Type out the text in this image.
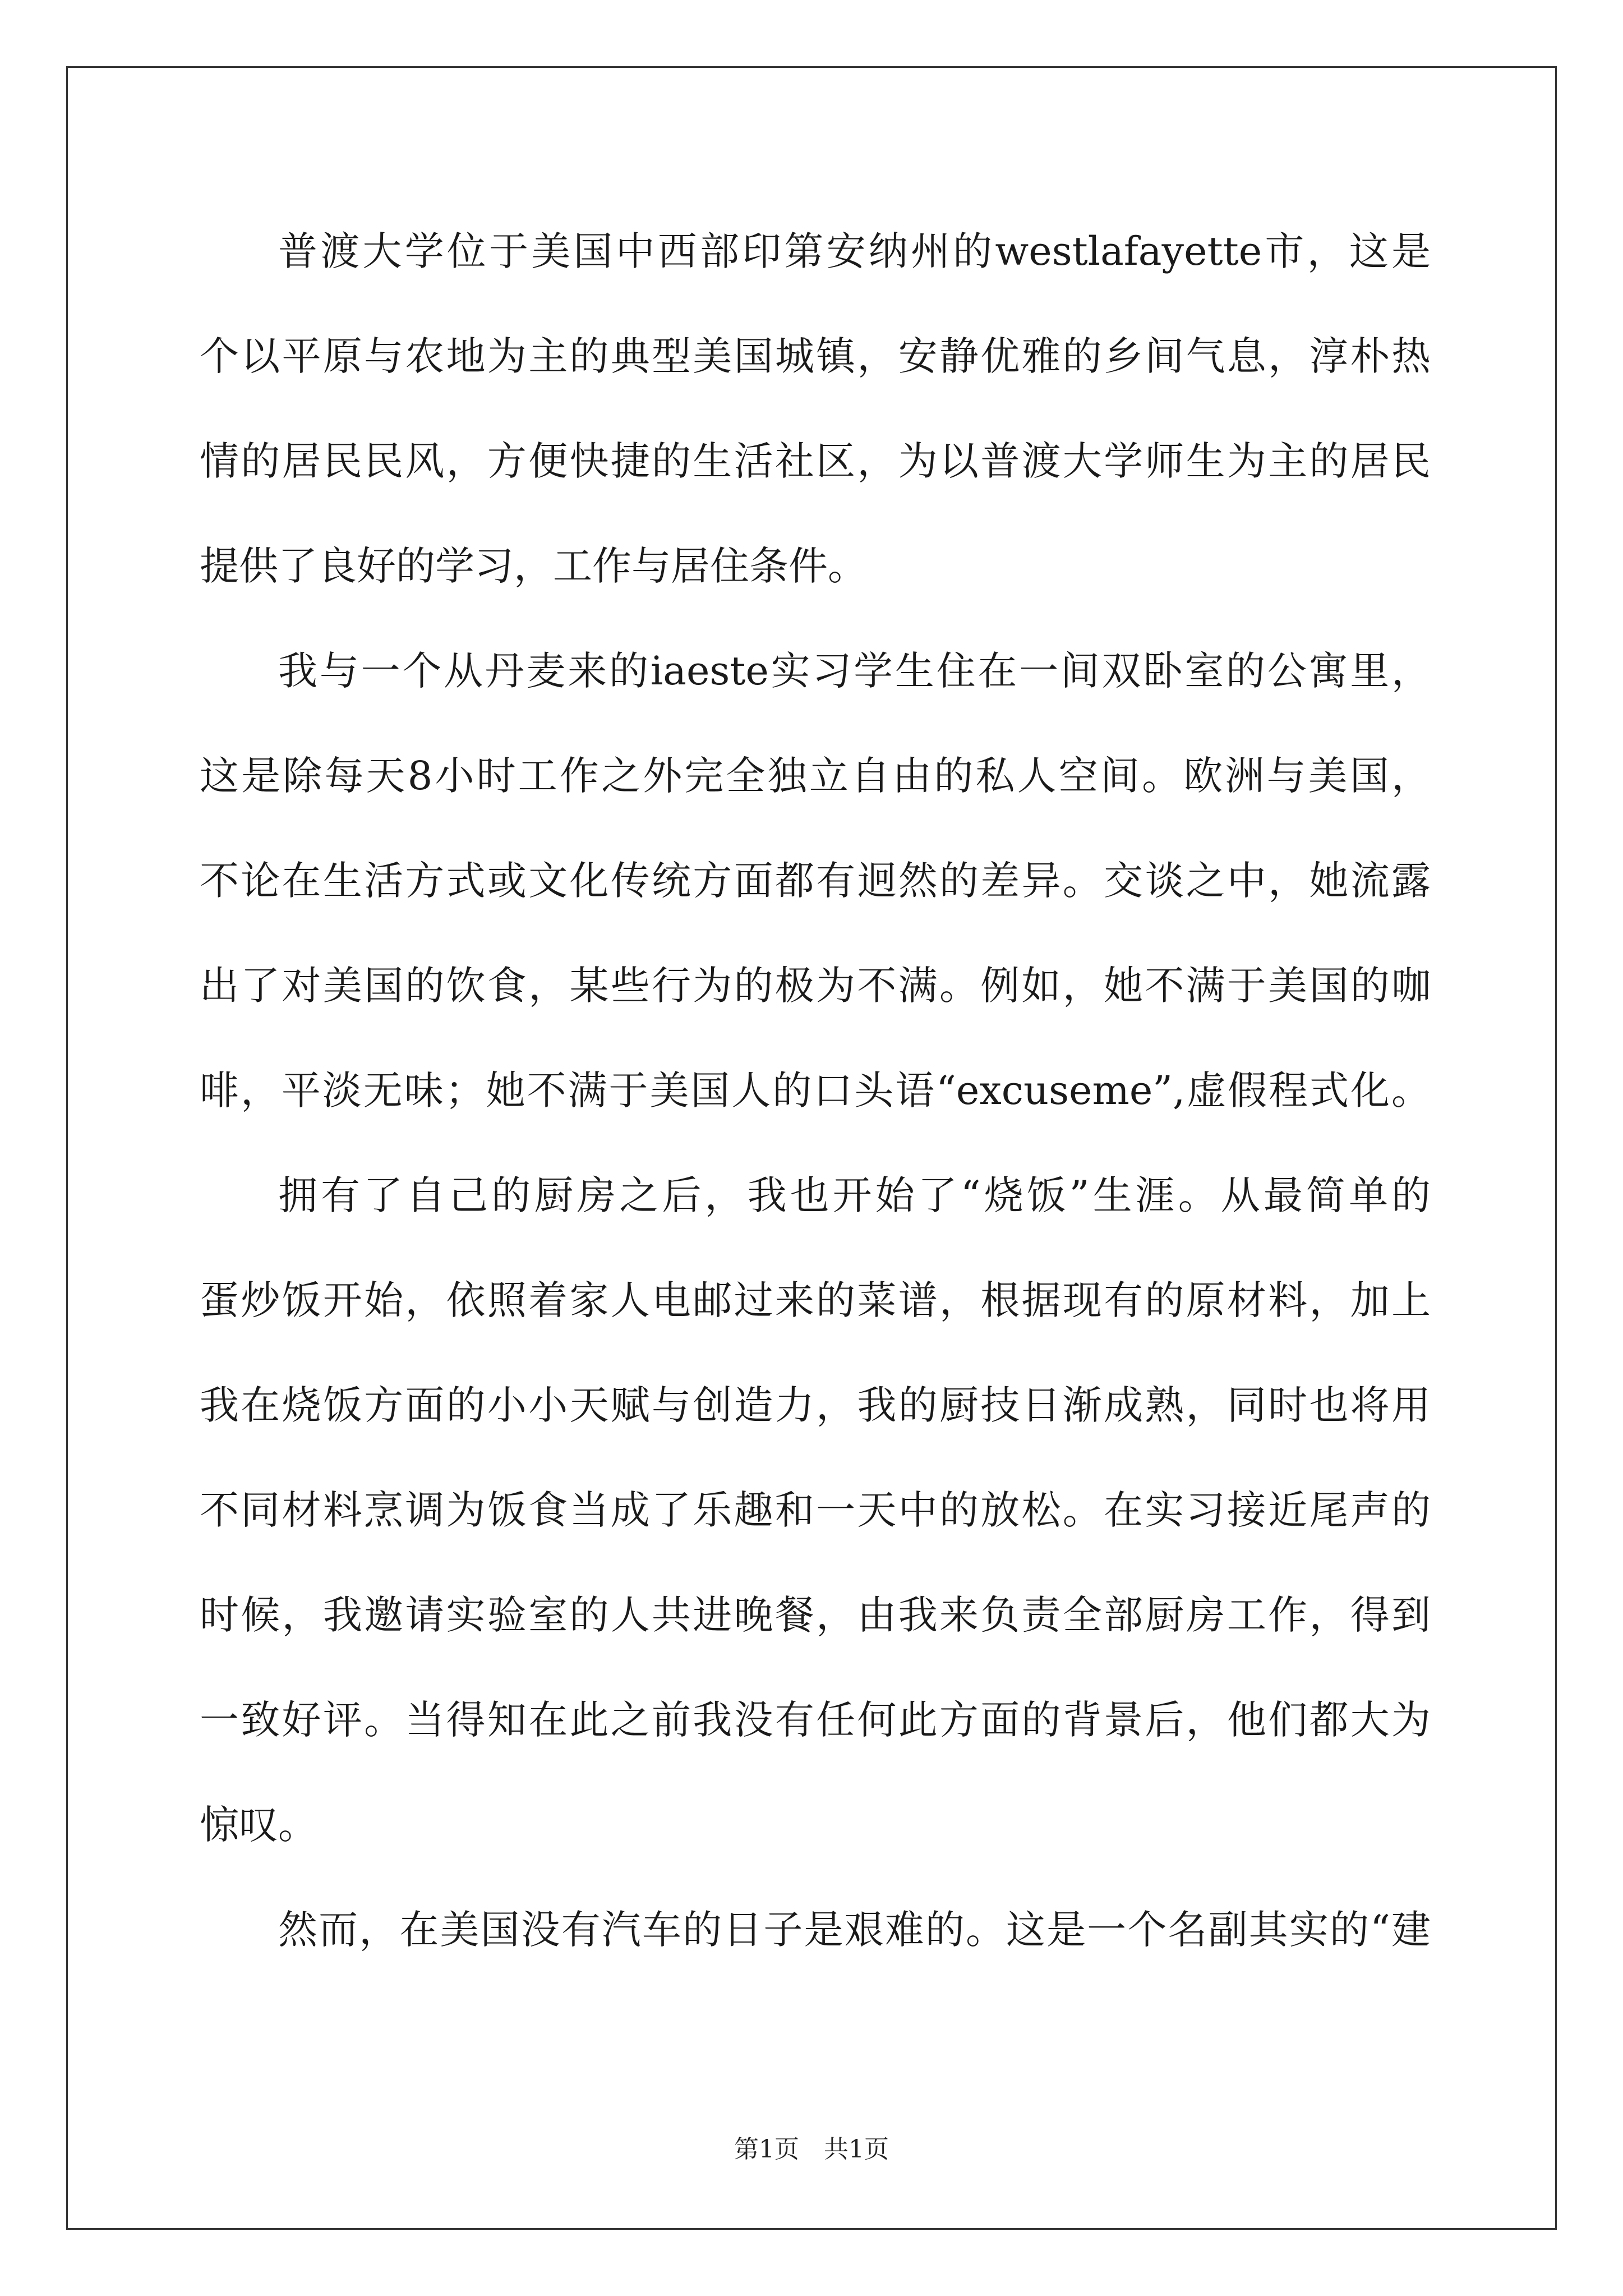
普渡大学位于美国中西部印第安纳州的westlafayette市，这是
个以平原与农地为主的典型美国城镇，安静优雅的乡间气息，淳朴热
情的居民民风，方便快捷的生活社区，为以普渡大学师生为主的居民
提供了良好的学习，工作与居住条件。
我与一个从丹麦来的iaeste实习学生住在一间双卧室的公寓里，
这是除每天8小时工作之外完全独立自由的私人空间。欧洲与美国，
不论在生活方式或文化传统方面都有迥然的差异。交谈之中，她流露
出了对美国的饮食，某些行为的极为不满。例如，她不满于美国的咖
啡，平淡无味；她不满于美国人的口头语“excuseme”,虚假程式化。
拥有了自己的厨房之后，我也开始了“烧饭”生涯。从最简单的
蛋炒饭开始，依照着家人电邮过来的菜谱，根据现有的原材料，加上
我在烧饭方面的小小天赋与创造力，我的厨技日渐成熟，同时也将用
不同材料烹调为饭食当成了乐趣和一天中的放松。在实习接近尾声的
时候，我邀请实验室的人共进晚餐，由我来负责全部厨房工作，得到
一致好评。当得知在此之前我没有任何此方面的背景后，他们都大为
惊叹。
然而，在美国没有汽车的日子是艰难的。这是一个名副其实的“建
第1页 共1页
